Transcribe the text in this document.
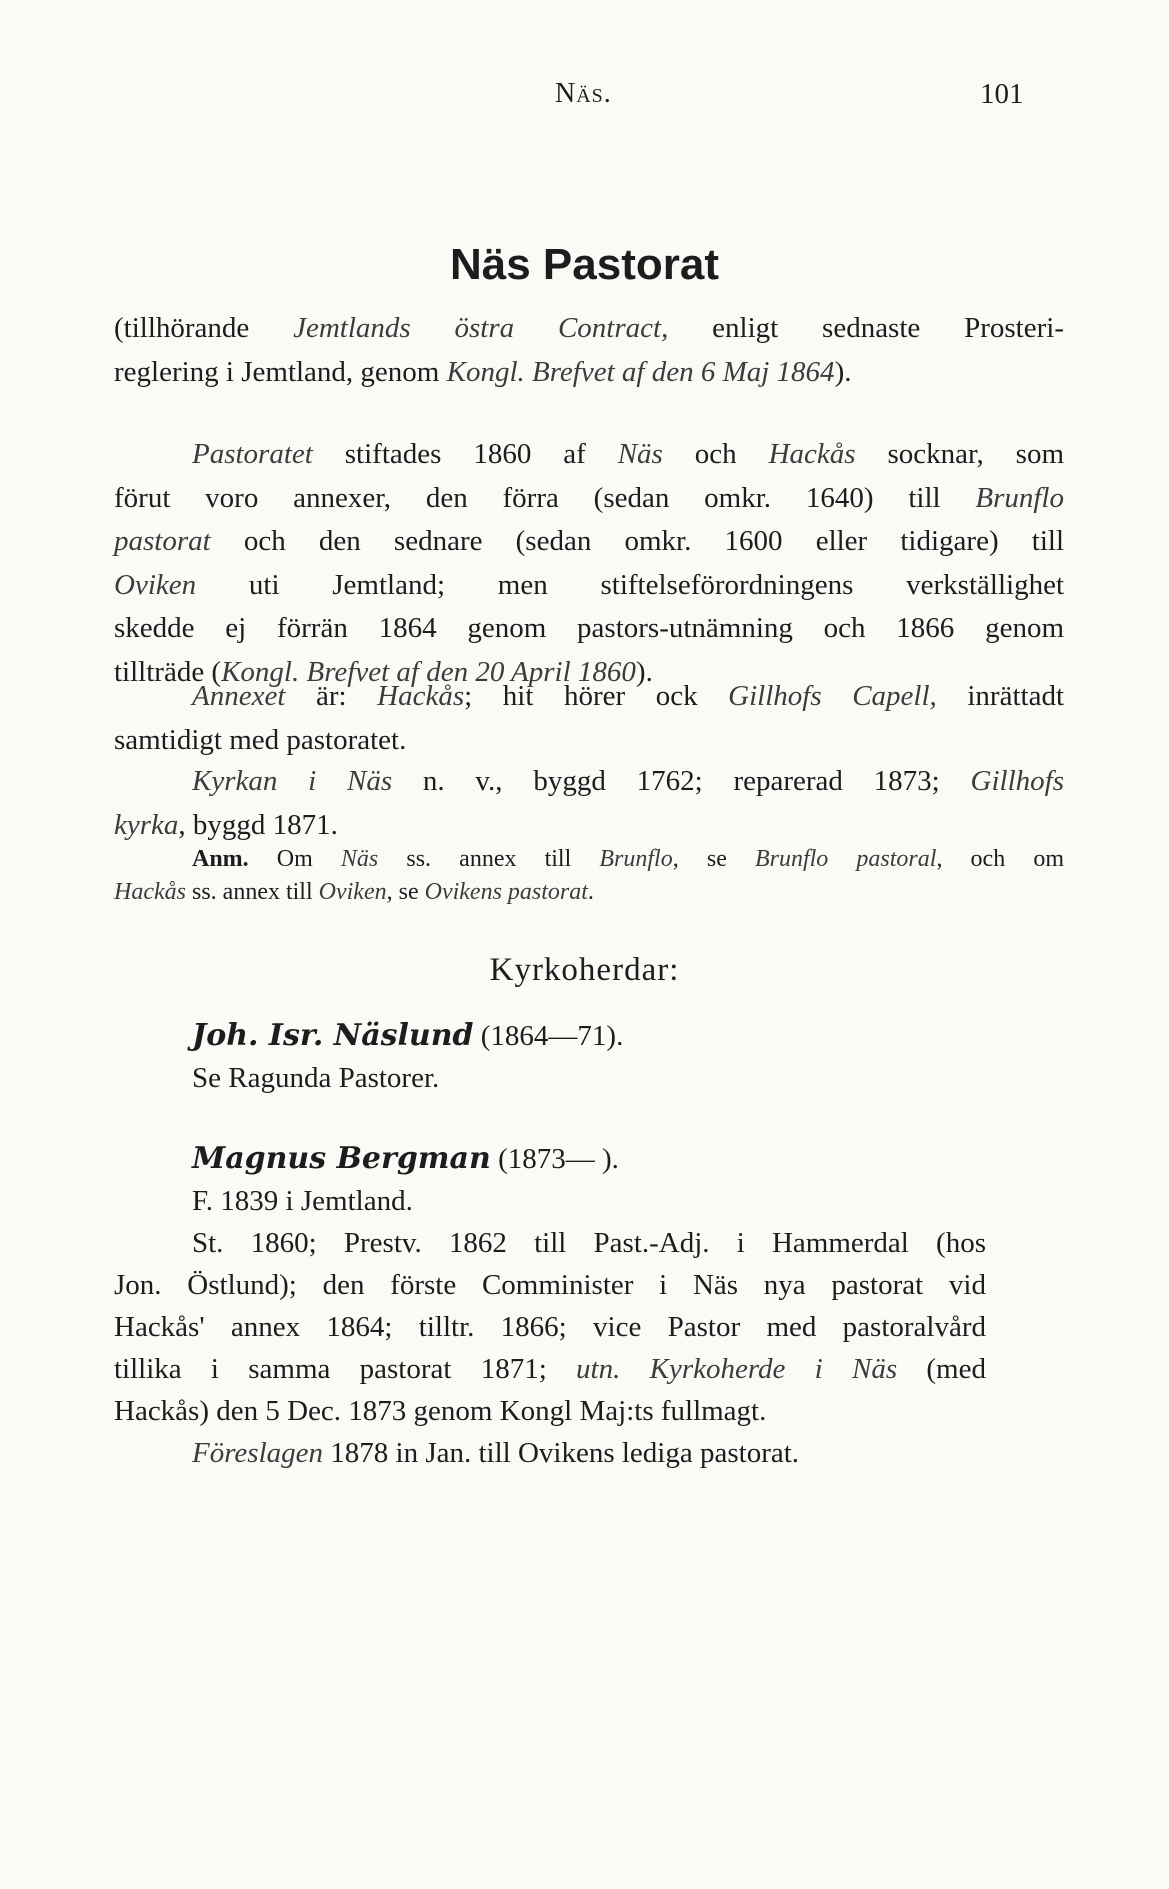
Näs.	101
Näs Pastorat
(tillhörande Jemtlands östra Contract, enligt sednaste Prosteri-
reglering i Jemtland, genom Kongl. Brefvet af den 6 Maj 1864).
Pastoratet stiftades 1860 af Näs och Hackås socknar, som
förut voro annexer, den förra (sedan omkr. 1640) till Brunflo
pastorat och den sednare (sedan omkr. 1600 eller tidigare) till
Oviken uti Jemtland; men stiftelseförordningens verkställighet
skedde ej förrän 1864 genom pastors-utnämning och 1866 genom
tillträde (Kongl. Brefvet af den 20 April 1860).
Annexet är: Hackås; hit hörer ock Gillhofs Capell, inrättadt
samtidigt med pastoratet.
Kyrkan i Näs n. v., byggd 1762; reparerad 1873; Gillhofs
kyrka, byggd 1871.
Anm. Om Näs ss. annex till Brunflo, se Brunflo pastoral, och om
Hackås ss. annex till Oviken, se Ovikens pastorat.
Kyrkoherdar:
Joh. Isr. Näslund (1864—71).
Se Ragunda Pastorer.
Magnus Bergman (1873— ).
F. 1839 i Jemtland.
St. 1860; Prestv. 1862 till Past.-Adj. i Hammerdal (hos
Jon. Östlund); den förste Comminister i Näs nya pastorat vid
Hackås' annex 1864; tilltr. 1866; vice Pastor med pastoralvård
tillika i samma pastorat 1871; utn. Kyrkoherde i Näs (med
Hackås) den 5 Dec. 1873 genom Kongl Maj:ts fullmagt.
Föreslagen 1878 in Jan. till Ovikens lediga pastorat.
